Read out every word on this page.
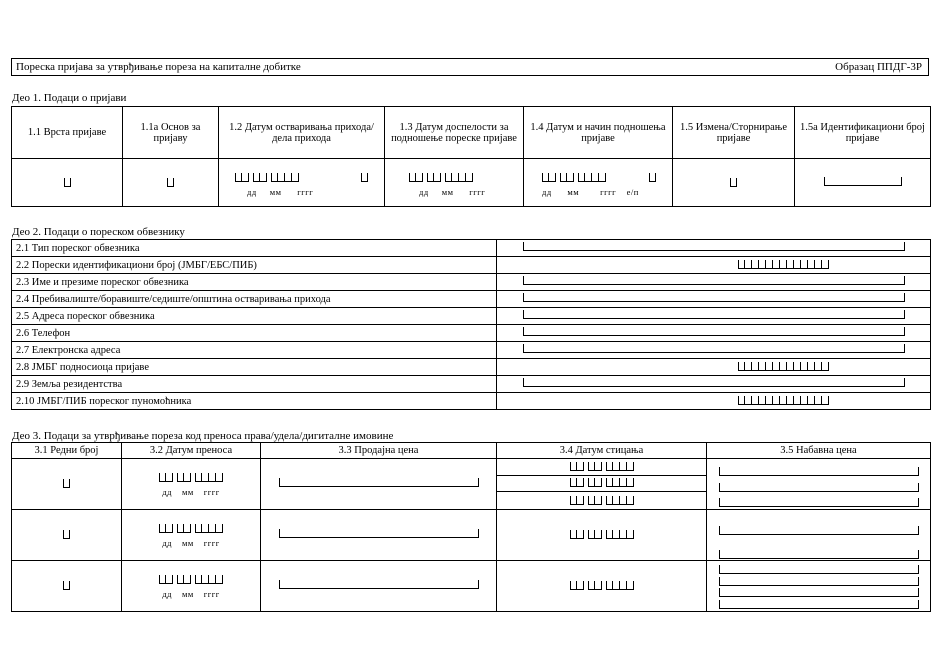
Пореска пријава за утврђивање пореза на капиталне добитке	Образац ППДГ-3Р
Део 1. Подаци о пријави
1.1 Врста пријаве	1.1а Основ за пријаву	1.2 Датум остваривања прихода/дела прихода	1.3 Датум доспелости за подношење пореске пријаве	1.4 Датум и начин подношења пријаве	1.5 Измена/Сторнирање пријаве	1.5а Идентификациони број пријаве

		дд мм гггг	дд мм гггг	дд мм гггг е/п		

Део 2. Подаци о пореском обвезнику
2.1 Тип пореског обвезника	
2.2 Порески идентификациони број (ЈМБГ/ЕБС/ПИБ)	

2.3 Име и презиме пореског обвезника	
2.4 Пребивалиште/боравиште/седиште/општина остваривања прихода	
2.5 Адреса пореског обвезника	
2.6 Телефон	
2.7 Електронска адреса	
2.8 ЈМБГ подносиоца пријаве	

2.9 Земља резидентства	
2.10 ЈМБГ/ПИБ пореског пуномоћника	
Део 3. Подаци за утврђивање пореза код преноса права/удела/дигиталне имовине
3.1 Редни број	3.2 Датум преноса	3.3 Продајна цена	3.4 Датум стицања	3.5 Набавна цена

	дд мм гггг			

	дд мм гггг			

	дд мм гггг			
